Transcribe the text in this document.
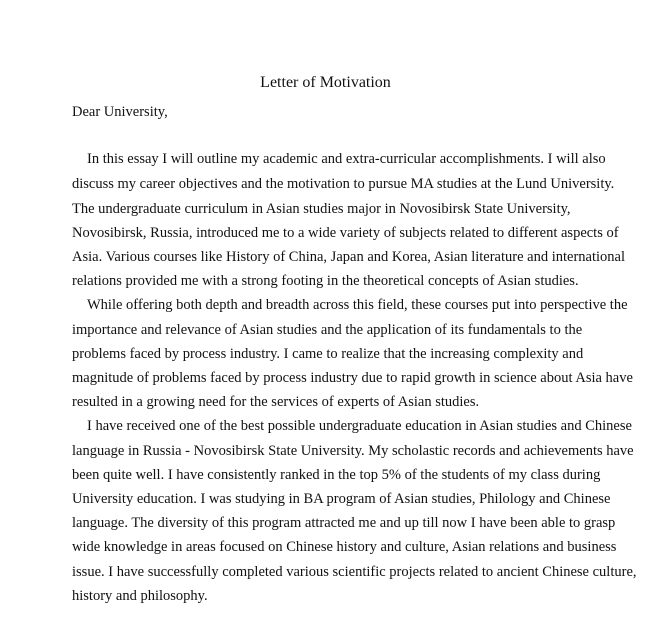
Letter of Motivation
Dear University,
In this essay I will outline my academic and extra-curricular accomplishments. I will also
discuss my career objectives and the motivation to pursue MA studies at the Lund University.
The undergraduate curriculum in Asian studies major in Novosibirsk State University,
Novosibirsk, Russia, introduced me to a wide variety of subjects related to different aspects of
Asia. Various courses like History of China, Japan and Korea, Asian literature and international
relations provided me with a strong footing in the theoretical concepts of Asian studies.
While offering both depth and breadth across this field, these courses put into perspective the
importance and relevance of Asian studies and the application of its fundamentals to the
problems faced by process industry. I came to realize that the increasing complexity and
magnitude of problems faced by process industry due to rapid growth in science about Asia have
resulted in a growing need for the services of experts of Asian studies.
I have received one of the best possible undergraduate education in Asian studies and Chinese
language in Russia - Novosibirsk State University. My scholastic records and achievements have
been quite well. I have consistently ranked in the top 5% of the students of my class during
University education. I was studying in BA program of Asian studies, Philology and Chinese
language. The diversity of this program attracted me and up till now I have been able to grasp
wide knowledge in areas focused on Chinese history and culture, Asian relations and business
issue. I have successfully completed various scientific projects related to ancient Chinese culture,
history and philosophy.
